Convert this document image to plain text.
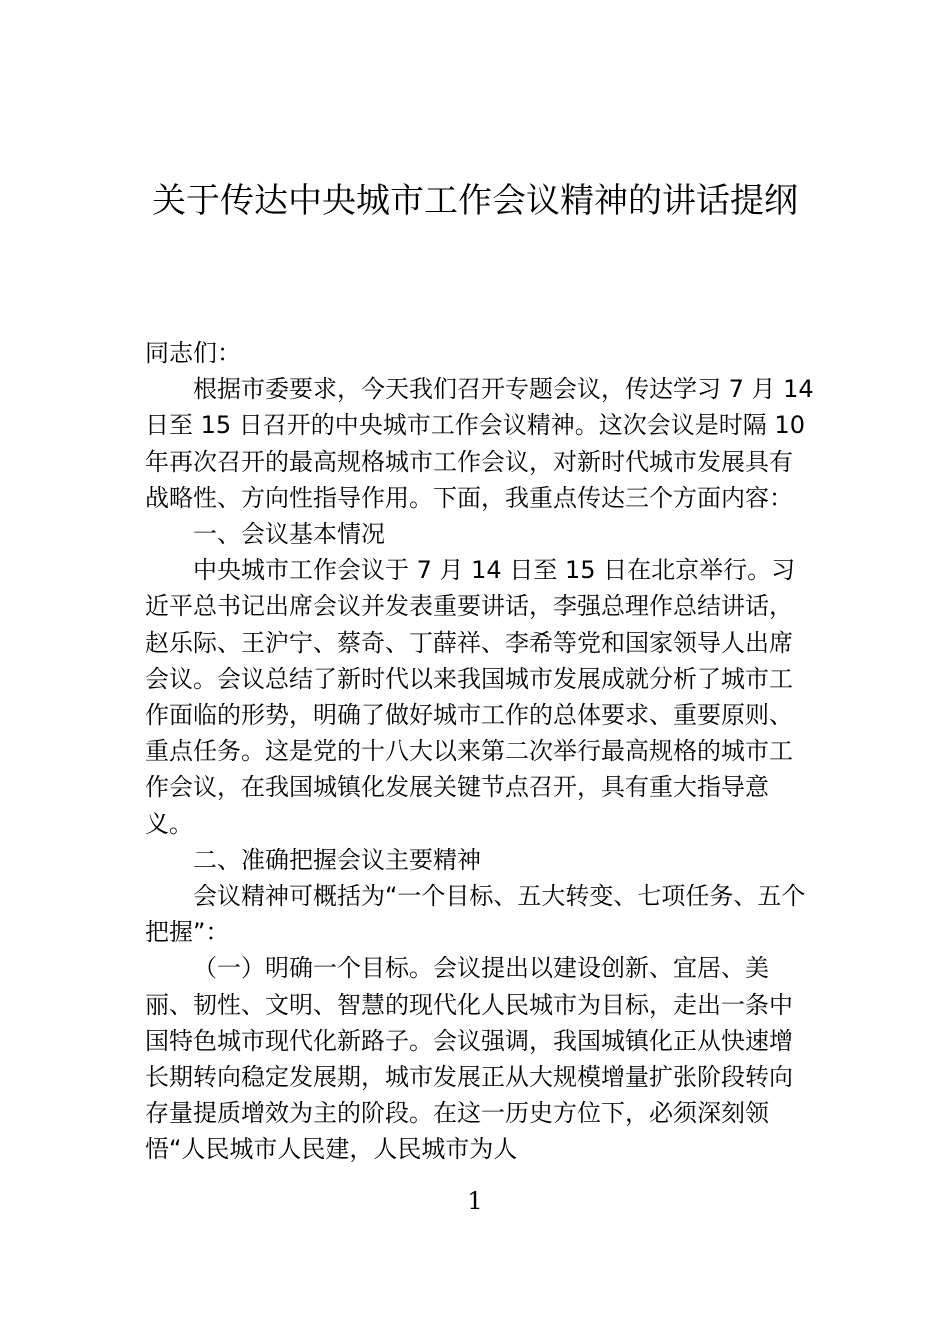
关于传达中央城市工作会议精神的讲话提纲

同志们：

根据市委要求，今天我们召开专题会议，传达学习 7 月 14 日至 15 日召开的中央城市工作会议精神。这次会议是时隔 10 年再次召开的最高规格城市工作会议，对新时代城市发展具有战略性、方向性指导作用。下面，我重点传达三个方面内容：

一、会议基本情况

中央城市工作会议于 7 月 14 日至 15 日在北京举行。习近平总书记出席会议并发表重要讲话，李强总理作总结讲话，赵乐际、王沪宁、蔡奇、丁薛祥、李希等党和国家领导人出席会议。会议总结了新时代以来我国城市发展成就分析了城市工作面临的形势，明确了做好城市工作的总体要求、重要原则、重点任务。这是党的十八大以来第二次举行最高规格的城市工作会议，在我国城镇化发展关键节点召开，具有重大指导意义。

二、准确把握会议主要精神

会议精神可概括为“一个目标、五大转变、七项任务、五个把握”：

（一）明确一个目标。会议提出以建设创新、宜居、美丽、韧性、文明、智慧的现代化人民城市为目标，走出一条中国特色城市现代化新路子。会议强调，我国城镇化正从快速增长期转向稳定发展期，城市发展正从大规模增量扩张阶段转向存量提质增效为主的阶段。在这一历史方位下，必须深刻领悟“人民城市人民建，人民城市为人

1
